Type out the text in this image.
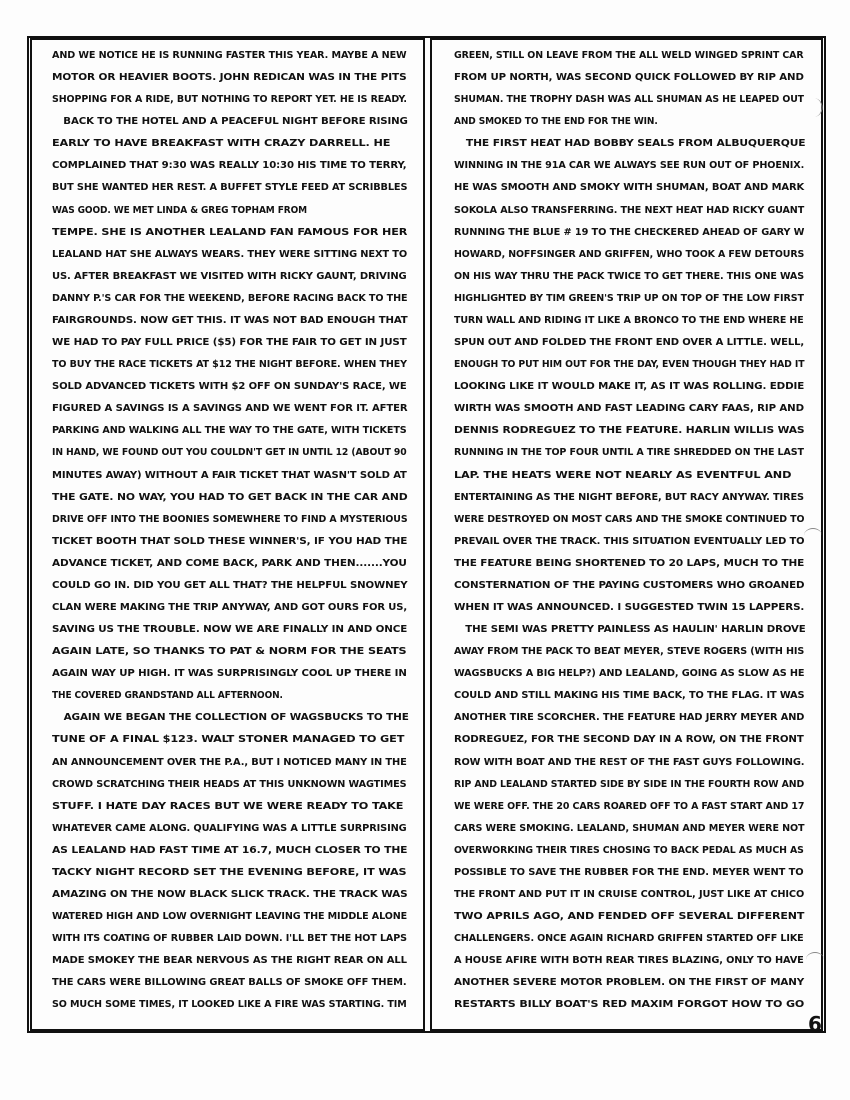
AND WE NOTICE HE IS RUNNING FASTER THIS YEAR. MAYBE A NEW
MOTOR OR HEAVIER BOOTS. JOHN REDICAN WAS IN THE PITS
SHOPPING FOR A RIDE, BUT NOTHING TO REPORT YET. HE IS READY.
BACK TO THE HOTEL AND A PEACEFUL NIGHT BEFORE RISING
EARLY TO HAVE BREAKFAST WITH CRAZY DARRELL. HE
COMPLAINED THAT 9:30 WAS REALLY 10:30 HIS TIME TO TERRY,
BUT SHE WANTED HER REST. A BUFFET STYLE FEED AT SCRIBBLES
WAS GOOD. WE MET LINDA & GREG TOPHAM FROM
TEMPE. SHE IS ANOTHER LEALAND FAN FAMOUS FOR HER
LEALAND HAT SHE ALWAYS WEARS. THEY WERE SITTING NEXT TO
US. AFTER BREAKFAST WE VISITED WITH RICKY GAUNT, DRIVING
DANNY P.'S CAR FOR THE WEEKEND, BEFORE RACING BACK TO THE
FAIRGROUNDS. NOW GET THIS. IT WAS NOT BAD ENOUGH THAT
WE HAD TO PAY FULL PRICE ($5) FOR THE FAIR TO GET IN JUST
TO BUY THE RACE TICKETS AT $12 THE NIGHT BEFORE. WHEN THEY
SOLD ADVANCED TICKETS WITH $2 OFF ON SUNDAY'S RACE, WE
FIGURED A SAVINGS IS A SAVINGS AND WE WENT FOR IT. AFTER
PARKING AND WALKING ALL THE WAY TO THE GATE, WITH TICKETS
IN HAND, WE FOUND OUT YOU COULDN'T GET IN UNTIL 12 (ABOUT 90
MINUTES AWAY) WITHOUT A FAIR TICKET THAT WASN'T SOLD AT
THE GATE. NO WAY, YOU HAD TO GET BACK IN THE CAR AND
DRIVE OFF INTO THE BOONIES SOMEWHERE TO FIND A MYSTERIOUS
TICKET BOOTH THAT SOLD THESE WINNER'S, IF YOU HAD THE
ADVANCE TICKET, AND COME BACK, PARK AND THEN.......YOU
COULD GO IN. DID YOU GET ALL THAT? THE HELPFUL SNOWNEY
CLAN WERE MAKING THE TRIP ANYWAY, AND GOT OURS FOR US,
SAVING US THE TROUBLE. NOW WE ARE FINALLY IN AND ONCE
AGAIN LATE, SO THANKS TO PAT & NORM FOR THE SEATS
AGAIN WAY UP HIGH. IT WAS SURPRISINGLY COOL UP THERE IN
THE COVERED GRANDSTAND ALL AFTERNOON.
AGAIN WE BEGAN THE COLLECTION OF WAGSBUCKS TO THE
TUNE OF A FINAL $123. WALT STONER MANAGED TO GET
AN ANNOUNCEMENT OVER THE P.A., BUT I NOTICED MANY IN THE
CROWD SCRATCHING THEIR HEADS AT THIS UNKNOWN WAGTIMES
STUFF. I HATE DAY RACES BUT WE WERE READY TO TAKE
WHATEVER CAME ALONG. QUALIFYING WAS A LITTLE SURPRISING
AS LEALAND HAD FAST TIME AT 16.7, MUCH CLOSER TO THE
TACKY NIGHT RECORD SET THE EVENING BEFORE, IT WAS
AMAZING ON THE NOW BLACK SLICK TRACK. THE TRACK WAS
WATERED HIGH AND LOW OVERNIGHT LEAVING THE MIDDLE ALONE
WITH ITS COATING OF RUBBER LAID DOWN. I'LL BET THE HOT LAPS
MADE SMOKEY THE BEAR NERVOUS AS THE RIGHT REAR ON ALL
THE CARS WERE BILLOWING GREAT BALLS OF SMOKE OFF THEM.
SO MUCH SOME TIMES, IT LOOKED LIKE A FIRE WAS STARTING. TIM
GREEN, STILL ON LEAVE FROM THE ALL WELD WINGED SPRINT CAR
FROM UP NORTH, WAS SECOND QUICK FOLLOWED BY RIP AND
SHUMAN. THE TROPHY DASH WAS ALL SHUMAN AS HE LEAPED OUT
AND SMOKED TO THE END FOR THE WIN.
THE FIRST HEAT HAD BOBBY SEALS FROM ALBUQUERQUE
WINNING IN THE 91A CAR WE ALWAYS SEE RUN OUT OF PHOENIX.
HE WAS SMOOTH AND SMOKY WITH SHUMAN, BOAT AND MARK
SOKOLA ALSO TRANSFERRING. THE NEXT HEAT HAD RICKY GUANT
RUNNING THE BLUE # 19 TO THE CHECKERED AHEAD OF GARY W
HOWARD, NOFFSINGER AND GRIFFEN, WHO TOOK A FEW DETOURS
ON HIS WAY THRU THE PACK TWICE TO GET THERE. THIS ONE WAS
HIGHLIGHTED BY TIM GREEN'S TRIP UP ON TOP OF THE LOW FIRST
TURN WALL AND RIDING IT LIKE A BRONCO TO THE END WHERE HE
SPUN OUT AND FOLDED THE FRONT END OVER A LITTLE. WELL,
ENOUGH TO PUT HIM OUT FOR THE DAY, EVEN THOUGH THEY HAD IT
LOOKING LIKE IT WOULD MAKE IT, AS IT WAS ROLLING. EDDIE
WIRTH WAS SMOOTH AND FAST LEADING CARY FAAS, RIP AND
DENNIS RODREGUEZ TO THE FEATURE. HARLIN WILLIS WAS
RUNNING IN THE TOP FOUR UNTIL A TIRE SHREDDED ON THE LAST
LAP. THE HEATS WERE NOT NEARLY AS EVENTFUL AND
ENTERTAINING AS THE NIGHT BEFORE, BUT RACY ANYWAY. TIRES
WERE DESTROYED ON MOST CARS AND THE SMOKE CONTINUED TO
PREVAIL OVER THE TRACK. THIS SITUATION EVENTUALLY LED TO
THE FEATURE BEING SHORTENED TO 20 LAPS, MUCH TO THE
CONSTERNATION OF THE PAYING CUSTOMERS WHO GROANED
WHEN IT WAS ANNOUNCED. I SUGGESTED TWIN 15 LAPPERS.
THE SEMI WAS PRETTY PAINLESS AS HAULIN' HARLIN DROVE
AWAY FROM THE PACK TO BEAT MEYER, STEVE ROGERS (WITH HIS
WAGSBUCKS A BIG HELP?) AND LEALAND, GOING AS SLOW AS HE
COULD AND STILL MAKING HIS TIME BACK, TO THE FLAG. IT WAS
ANOTHER TIRE SCORCHER. THE FEATURE HAD JERRY MEYER AND
RODREGUEZ, FOR THE SECOND DAY IN A ROW, ON THE FRONT
ROW WITH BOAT AND THE REST OF THE FAST GUYS FOLLOWING.
RIP AND LEALAND STARTED SIDE BY SIDE IN THE FOURTH ROW AND
WE WERE OFF. THE 20 CARS ROARED OFF TO A FAST START AND 17
CARS WERE SMOKING. LEALAND, SHUMAN AND MEYER WERE NOT
OVERWORKING THEIR TIRES CHOSING TO BACK PEDAL AS MUCH AS
POSSIBLE TO SAVE THE RUBBER FOR THE END. MEYER WENT TO
THE FRONT AND PUT IT IN CRUISE CONTROL, JUST LIKE AT CHICO
TWO APRILS AGO, AND FENDED OFF SEVERAL DIFFERENT
CHALLENGERS. ONCE AGAIN RICHARD GRIFFEN STARTED OFF LIKE
A HOUSE AFIRE WITH BOTH REAR TIRES BLAZING, ONLY TO HAVE
ANOTHER SEVERE MOTOR PROBLEM. ON THE FIRST OF MANY
RESTARTS BILLY BOAT'S RED MAXIM FORGOT HOW TO GO
6
